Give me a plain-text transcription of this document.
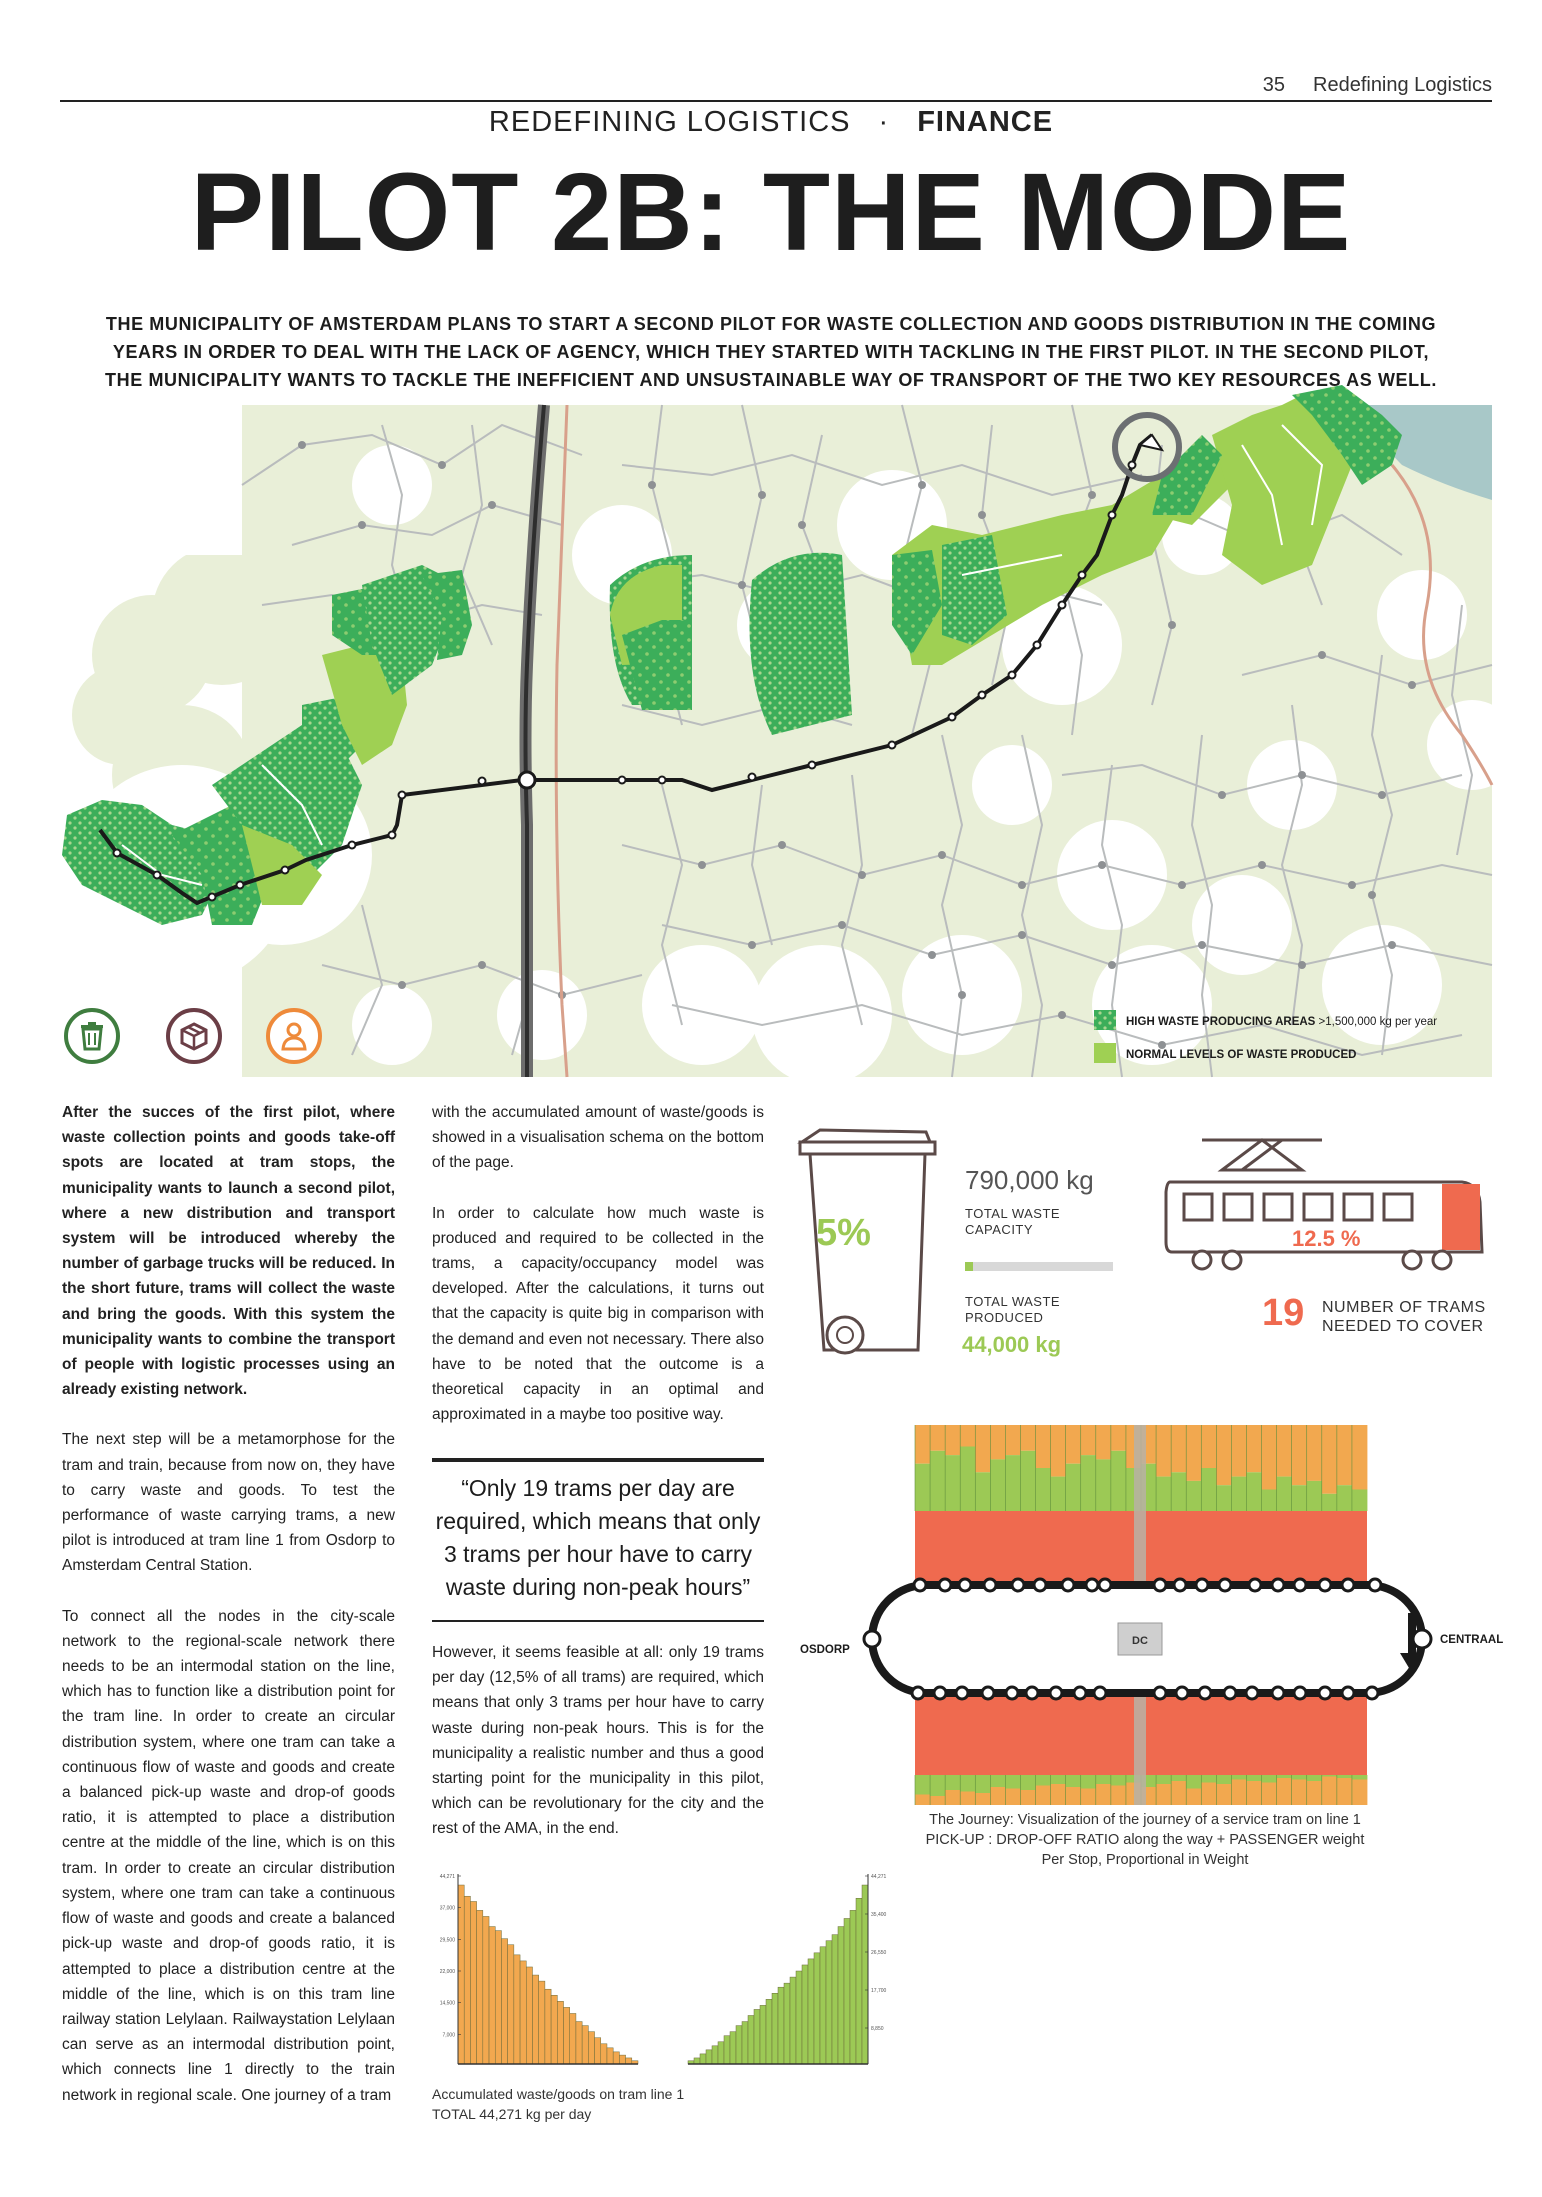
35 Redefining Logistics
REDEFINING LOGISTICS · FINANCE
PILOT 2B: THE MODE
THE MUNICIPALITY OF AMSTERDAM PLANS TO START A SECOND PILOT FOR WASTE COLLECTION AND GOODS DISTRIBUTION IN THE COMING YEARS IN ORDER TO DEAL WITH THE LACK OF AGENCY, WHICH THEY STARTED WITH TACKLING IN THE FIRST PILOT. IN THE SECOND PILOT, THE MUNICIPALITY WANTS TO TACKLE THE INEFFICIENT AND UNSUSTAINABLE WAY OF TRANSPORT OF THE TWO KEY RESOURCES AS WELL.
HIGH WASTE PRODUCING AREAS >1,500,000 kg per year
NORMAL LEVELS OF WASTE PRODUCED

After the succes of the first pilot, where waste collection points and goods take-off spots are located at tram stops, the municipality wants to launch a second pilot, where a new distribution and transport system will be introduced whereby the number of garbage trucks will be reduced. In the short future, trams will collect the waste and bring the goods. With this system the municipality wants to combine the transport of people with logistic processes using an already existing network.

The next step will be a metamorphose for the tram and train, because from now on, they have to carry waste and goods. To test the performance of waste carrying trams, a new pilot is introduced at tram line 1 from Osdorp to Amsterdam Central Station.

To connect all the nodes in the city-scale network to the regional-scale network there needs to be an intermodal station on the line, which has to function like a distribution point for the tram line. In order to create an circular distribution system, where one tram can take a continuous flow of waste and goods and create a balanced pick-up waste and drop-of goods ratio, it is attempted to place a distribution centre at the middle of the line, which is on this tram. In order to create an circular distribution system, where one tram can take a continuous flow of waste and goods and create a balanced pick-up waste and drop-of goods ratio, it is attempted to place a distribution centre at the middle of the line, which is on this tram line railway station Lelylaan. Railwaystation Lelylaan can serve as an intermodal distribution point, which connects line 1 directly to the train network in regional scale. One journey of a tram

with the accumulated amount of waste/goods is showed in a visualisation schema on the bottom of the page.

In order to calculate how much waste is produced and required to be collected in the trams, a capacity/occupancy model was developed. After the calculations, it turns out that the capacity is quite big in comparison with the demand and even not necessary. There also have to be noted that the outcome is a theoretical capacity in an optimal and approximated in a maybe too positive way.

“Only 19 trams per day are required, which means that only 3 trams per hour have to carry waste during non-peak hours”

However, it seems feasible at all: only 19 trams per day (12,5% of all trams) are required, which means that only 3 trams per hour have to carry waste during non-peak hours. This is for the municipality a realistic number and thus a good starting point for the municipality in this pilot, which can be revolutionary for the city and the rest of the AMA, in the end.

5%
790,000 kg
TOTAL WASTE
CAPACITY
TOTAL WASTE
PRODUCED
44,000 kg
12.5 %
19 NUMBER OF TRAMS
NEEDED TO COVER
DC
OSDORP
CENTRAAL
The Journey: Visualization of the journey of a service tram on line 1
PICK-UP : DROP-OFF RATIO along the way + PASSENGER weight
Per Stop, Proportional in Weight
44,271
37,000
29,500
22,000
14,500
7,000
44,271
35,400
26,550
17,700
8,850
Accumulated waste/goods on tram line 1
TOTAL 44,271 kg per day
